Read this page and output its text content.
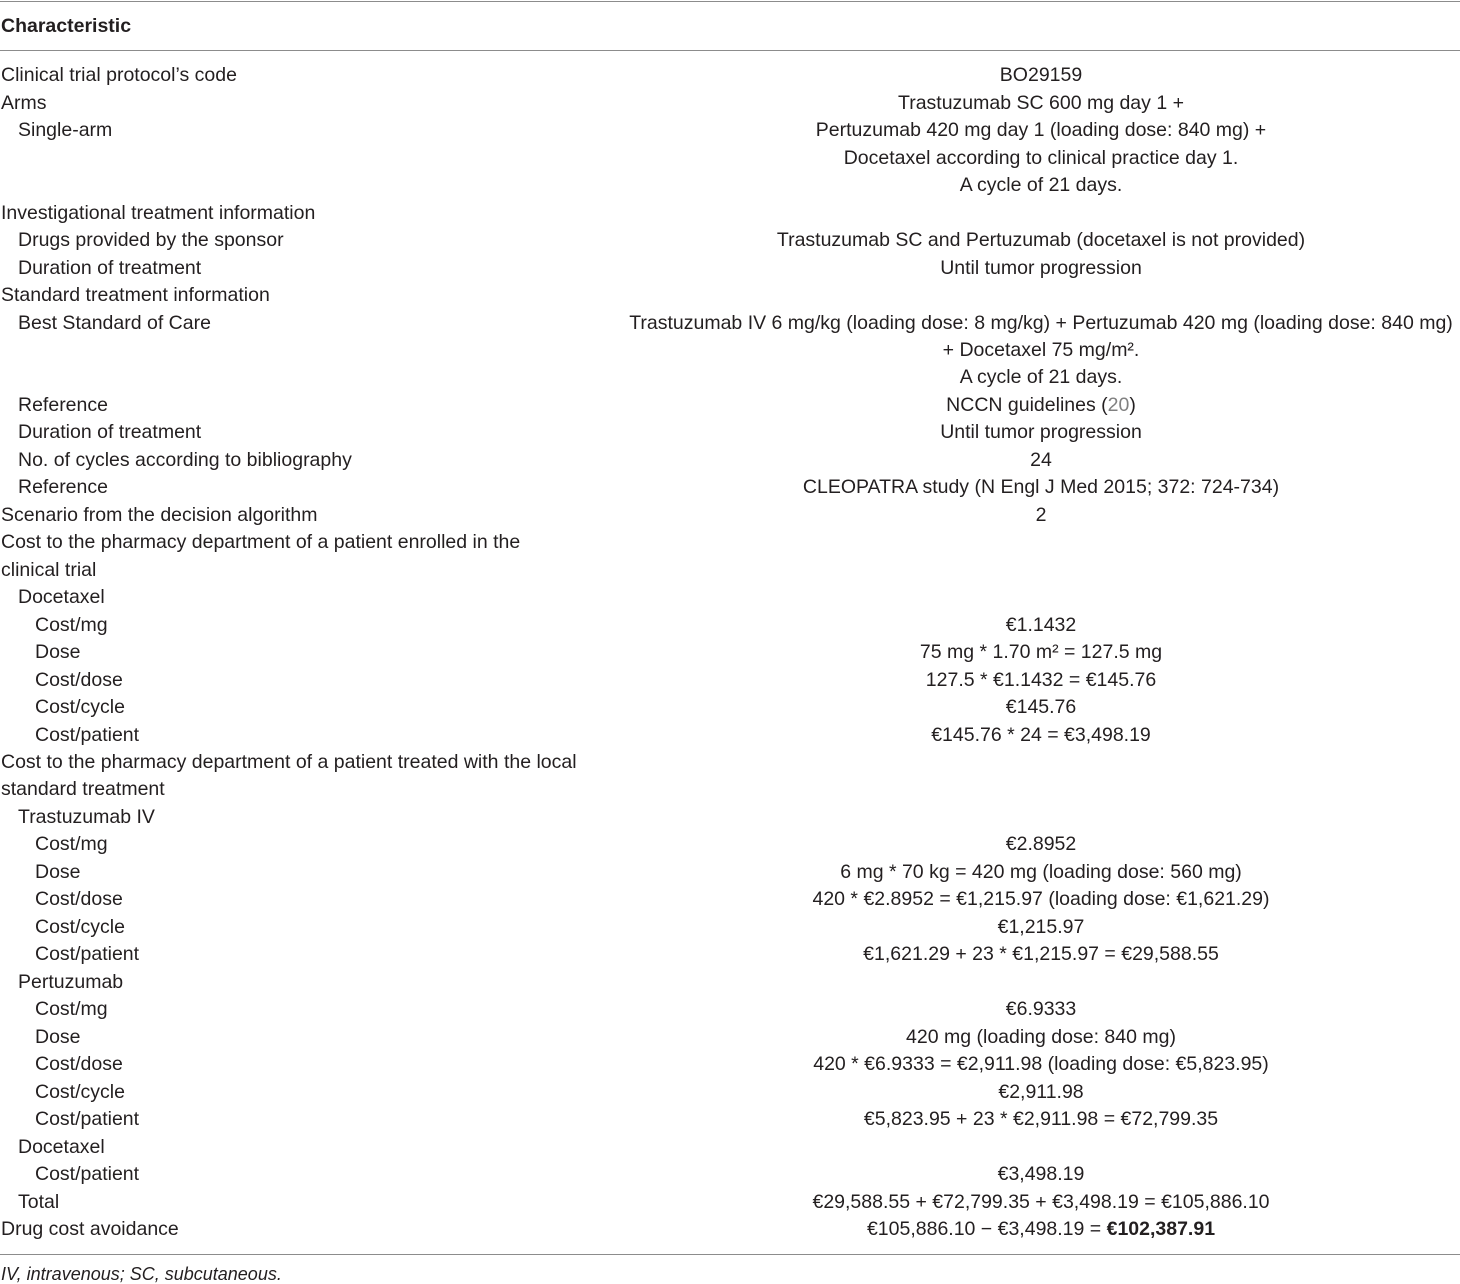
Characteristic
Clinical trial protocol’s code	BO29159
Arms	Trastuzumab SC 600 mg day 1 +
Single-arm	Pertuzumab 420 mg day 1 (loading dose: 840 mg) +
Docetaxel according to clinical practice day 1.
A cycle of 21 days.
Investigational treatment information
Drugs provided by the sponsor	Trastuzumab SC and Pertuzumab (docetaxel is not provided)
Duration of treatment	Until tumor progression
Standard treatment information
Best Standard of Care	Trastuzumab IV 6 mg/kg (loading dose: 8 mg/kg) + Pertuzumab 420 mg (loading dose: 840 mg)
+ Docetaxel 75 mg/m².
A cycle of 21 days.
Reference	NCCN guidelines (20)
Duration of treatment	Until tumor progression
No. of cycles according to bibliography	24
Reference	CLEOPATRA study (N Engl J Med 2015; 372: 724-734)
Scenario from the decision algorithm	2
Cost to the pharmacy department of a patient enrolled in the
clinical trial
Docetaxel
Cost/mg	€1.1432
Dose	75 mg * 1.70 m² = 127.5 mg
Cost/dose	127.5 * €1.1432 = €145.76
Cost/cycle	€145.76
Cost/patient	€145.76 * 24 = €3,498.19
Cost to the pharmacy department of a patient treated with the local
standard treatment
Trastuzumab IV
Cost/mg	€2.8952
Dose	6 mg * 70 kg = 420 mg (loading dose: 560 mg)
Cost/dose	420 * €2.8952 = €1,215.97 (loading dose: €1,621.29)
Cost/cycle	€1,215.97
Cost/patient	€1,621.29 + 23 * €1,215.97 = €29,588.55
Pertuzumab
Cost/mg	€6.9333
Dose	420 mg (loading dose: 840 mg)
Cost/dose	420 * €6.9333 = €2,911.98 (loading dose: €5,823.95)
Cost/cycle	€2,911.98
Cost/patient	€5,823.95 + 23 * €2,911.98 = €72,799.35
Docetaxel
Cost/patient	€3,498.19
Total	€29,588.55 + €72,799.35 + €3,498.19 = €105,886.10
Drug cost avoidance	€105,886.10 − €3,498.19 = €102,387.91
IV, intravenous; SC, subcutaneous.
